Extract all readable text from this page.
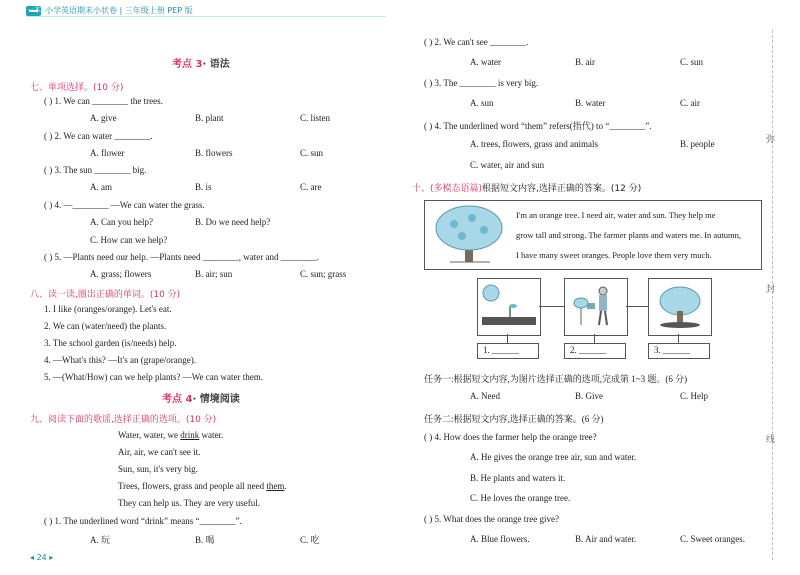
一本 小学英语期末小状卷 | 三年级上册 PEP 版
考点 3· 语法
七、单项选择。(10 分)
( ) 1. We can ________ the trees.
A. give	B. plant	C. listen
( ) 2. We can water ________.
A. flower	B. flowers	C. sun
( ) 3. The sun ________ big.
A. am	B. is	C. are
( ) 4. —________ —We can water the grass.
A. Can you help?	B. Do we need help?
C. How can we help?
( ) 5. —Plants need our help. —Plants need ________, water and ________.
A. grass; flowers	B. air; sun	C. sun; grass
八、读一读,圈出正确的单词。(10 分)
1. I like (oranges/orange). Let's eat.
2. We can (water/need) the plants.
3. The school garden (is/needs) help.
4. —What's this? —It's an (grape/orange).
5. —(What/How) can we help plants? —We can water them.
考点 4· 情境阅读
九、阅读下面的歌谣,选择正确的选项。(10 分)
Water, water, we drink water.
Air, air, we can't see it.
Sun, sun, it's very big.
Trees, flowers, grass and people all need them.
They can help us. They are very useful.
( ) 1. The underlined word “drink” means “________”.
A. 玩	B. 喝	C. 吃
◂ 24 ▸
( ) 2. We can't see ________.
A. water	B. air	C. sun
( ) 3. The ________ is very big.
A. sun	B. water	C. air
( ) 4. The underlined word “them” refers(指代) to “________”.
A. trees, flowers, grass and animals	B. people
C. water, air and sun
十、(多模态语篇)根据短文内容,选择正确的答案。(12 分)
I'm an orange tree. I need air, water and sun. They help me
grow tall and strong. The farmer plants and waters me. In autumn,
I have many sweet oranges. People love them very much.
1. ______	2. ______	3. ______
任务一:根据短文内容,为图片选择正确的选项,完成第 1~3 题。(6 分)
A. Need	B. Give	C. Help
任务二:根据短文内容,选择正确的答案。(6 分)
( ) 4. How does the farmer help the orange tree?
A. He gives the orange tree air, sun and water.
B. He plants and waters it.
C. He loves the orange tree.
( ) 5. What does the orange tree give?
A. Blue flowers.	B. Air and water.	C. Sweet oranges.
弥
封
线
